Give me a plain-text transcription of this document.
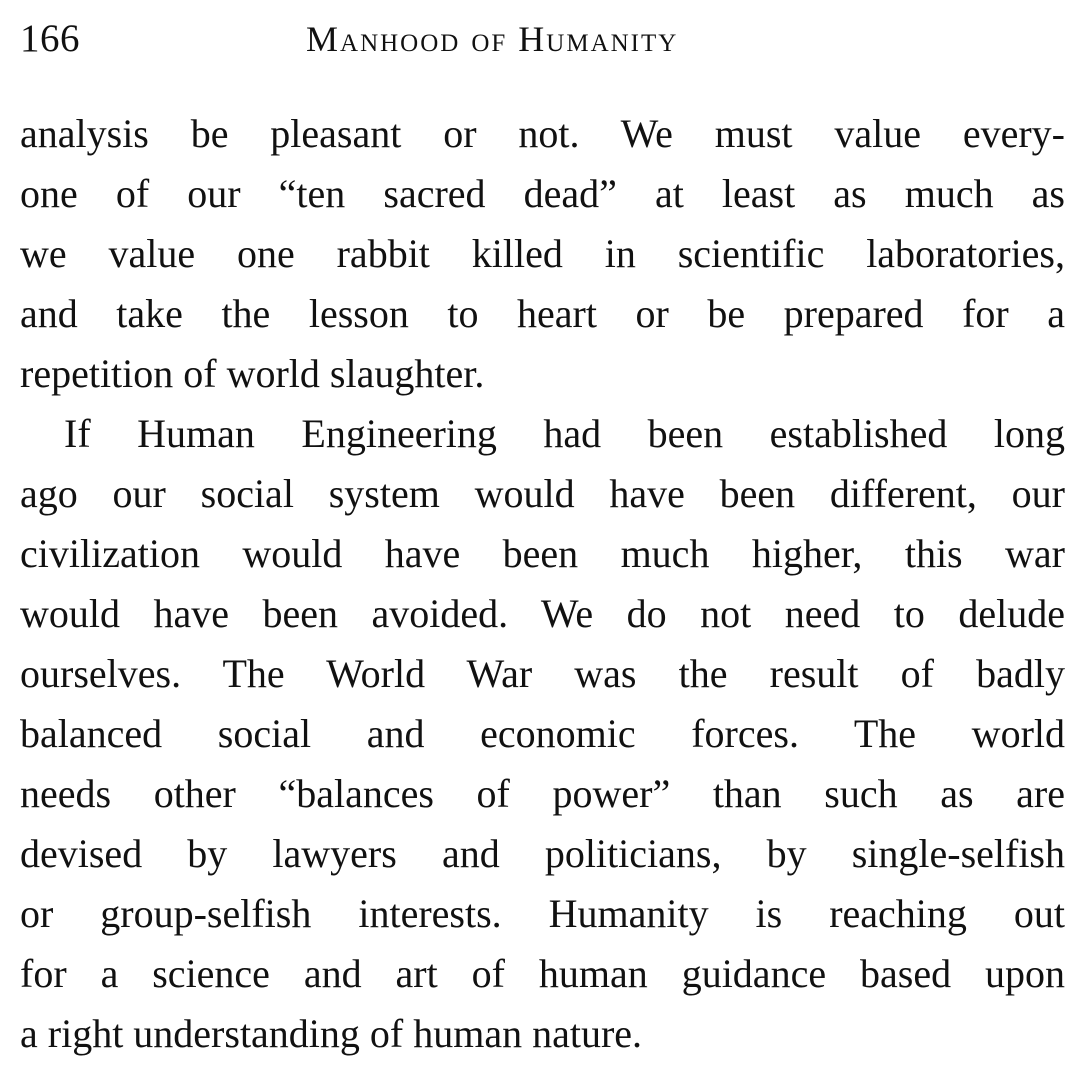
166	Manhood of Humanity
analysis be pleasant or not. We must value every-
one of our “ten sacred dead” at least as much as
we value one rabbit killed in scientific laboratories,
and take the lesson to heart or be prepared for a
repetition of world slaughter.
If Human Engineering had been established long
ago our social system would have been different, our
civilization would have been much higher, this war
would have been avoided. We do not need to delude
ourselves. The World War was the result of badly
balanced social and economic forces. The world
needs other “balances of power” than such as are
devised by lawyers and politicians, by single-selfish
or group-selfish interests. Humanity is reaching out
for a science and art of human guidance based upon
a right understanding of human nature.
